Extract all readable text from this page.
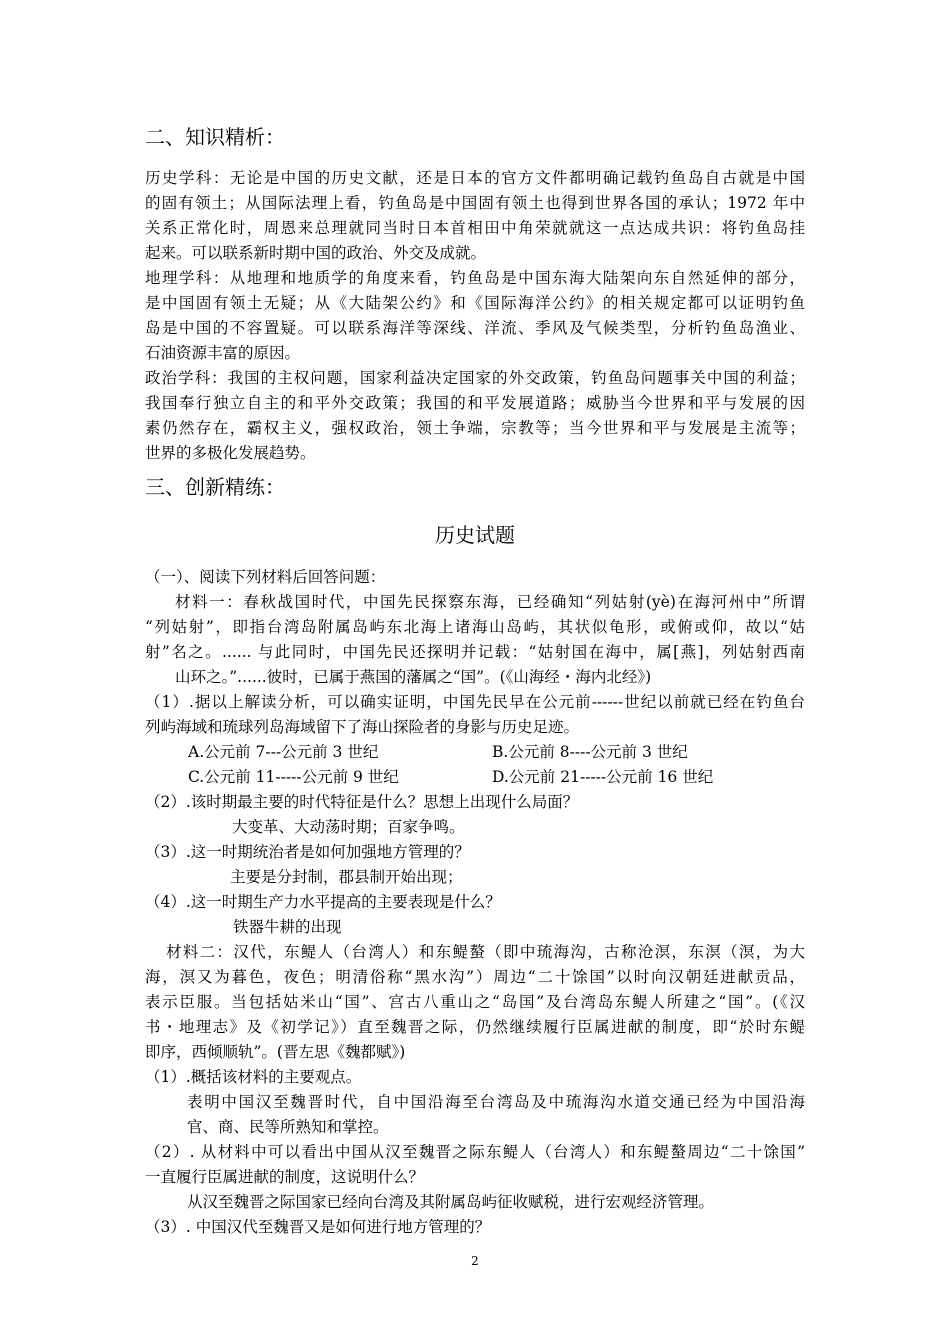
二、知识精析：
历史学科：无论是中国的历史文献，还是日本的官方文件都明确记载钓鱼岛自古就是中国
的固有领土；从国际法理上看，钓鱼岛是中国固有领土也得到世界各国的承认；1972 年中
关系正常化时，周恩来总理就同当时日本首相田中角荣就就这一点达成共识：将钓鱼岛挂
起来。可以联系新时期中国的政治、外交及成就。
地理学科：从地理和地质学的角度来看，钓鱼岛是中国东海大陆架向东自然延伸的部分，
是中国固有领土无疑；从《大陆架公约》和《国际海洋公约》的相关规定都可以证明钓鱼
岛是中国的不容置疑。可以联系海洋等深线、洋流、季风及气候类型，分析钓鱼岛渔业、
石油资源丰富的原因。
政治学科：我国的主权问题，国家利益决定国家的外交政策，钓鱼岛问题事关中国的利益；
我国奉行独立自主的和平外交政策；我国的和平发展道路；威胁当今世界和平与发展的因
素仍然存在，霸权主义，强权政治，领土争端，宗教等；当今世界和平与发展是主流等；
世界的多极化发展趋势。
三、创新精练：
历史试题
（一）、阅读下列材料后回答问题：
材料一：春秋战国时代，中国先民探察东海，已经确知“列姑射(yè)在海河州中”所谓
“列姑射”，即指台湾岛附属岛屿东北海上诸海山岛屿，其状似龟形，或俯或仰，故以“姑
射”名之。...... 与此同时，中国先民还探明并记载：“姑射国在海中，属[燕]，列姑射西南
山环之。”......彼时，已属于燕国的藩属之“国”。(《山海经・海内北经》)
（1）.据以上解读分析，可以确实证明，中国先民早在公元前------世纪以前就已经在钓鱼台
列屿海域和琉球列岛海域留下了海山探险者的身影与历史足迹。
A.公元前 7---公元前 3 世纪	B.公元前 8----公元前 3 世纪
C.公元前 11-----公元前 9 世纪	D.公元前 21-----公元前 16 世纪
（2）.该时期最主要的时代特征是什么？思想上出现什么局面？
大变革、大动荡时期；百家争鸣。
（3）.这一时期统治者是如何加强地方管理的？
主要是分封制，郡县制开始出现；
（4）.这一时期生产力水平提高的主要表现是什么？
铁器牛耕的出现
材料二：汉代，东鳀人（台湾人）和东鳀螯（即中琉海沟，古称沧溟，东溟（溟，为大
海，溟又为暮色，夜色；明清俗称“黑水沟”）周边“二十馀国”以时向汉朝廷进献贡品，
表示臣服。当包括姑米山“国”、宫古八重山之“岛国”及台湾岛东鳀人所建之“国”。(《汉
书・地理志》及《初学记》）直至魏晋之际，仍然继续履行臣属进献的制度，即“於时东鳀
即序，西倾顺轨”。(晋左思《魏都赋》)
（1）.概括该材料的主要观点。
表明中国汉至魏晋时代，自中国沿海至台湾岛及中琉海沟水道交通已经为中国沿海
官、商、民等所熟知和掌控。
（2）. 从材料中可以看出中国从汉至魏晋之际东鳀人（台湾人）和东鳀螯周边“二十馀国”
一直履行臣属进献的制度，这说明什么？
从汉至魏晋之际国家已经向台湾及其附属岛屿征收赋税，进行宏观经济管理。
（3）. 中国汉代至魏晋又是如何进行地方管理的？
2
